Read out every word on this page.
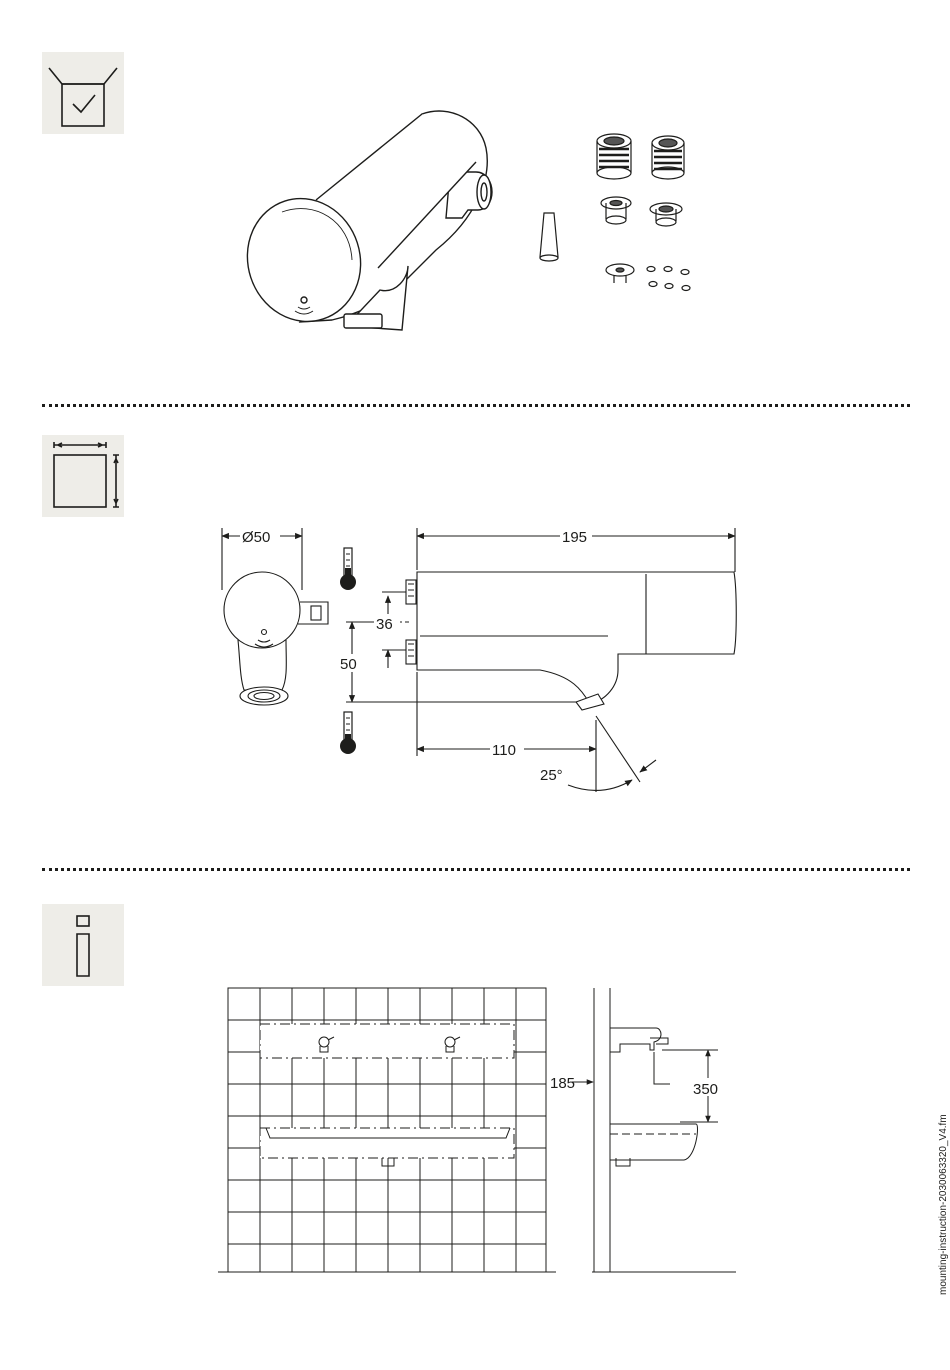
Ø50	195
36
50
110
25°
185	350
mounting-instruction-2030063320_V4.fm
